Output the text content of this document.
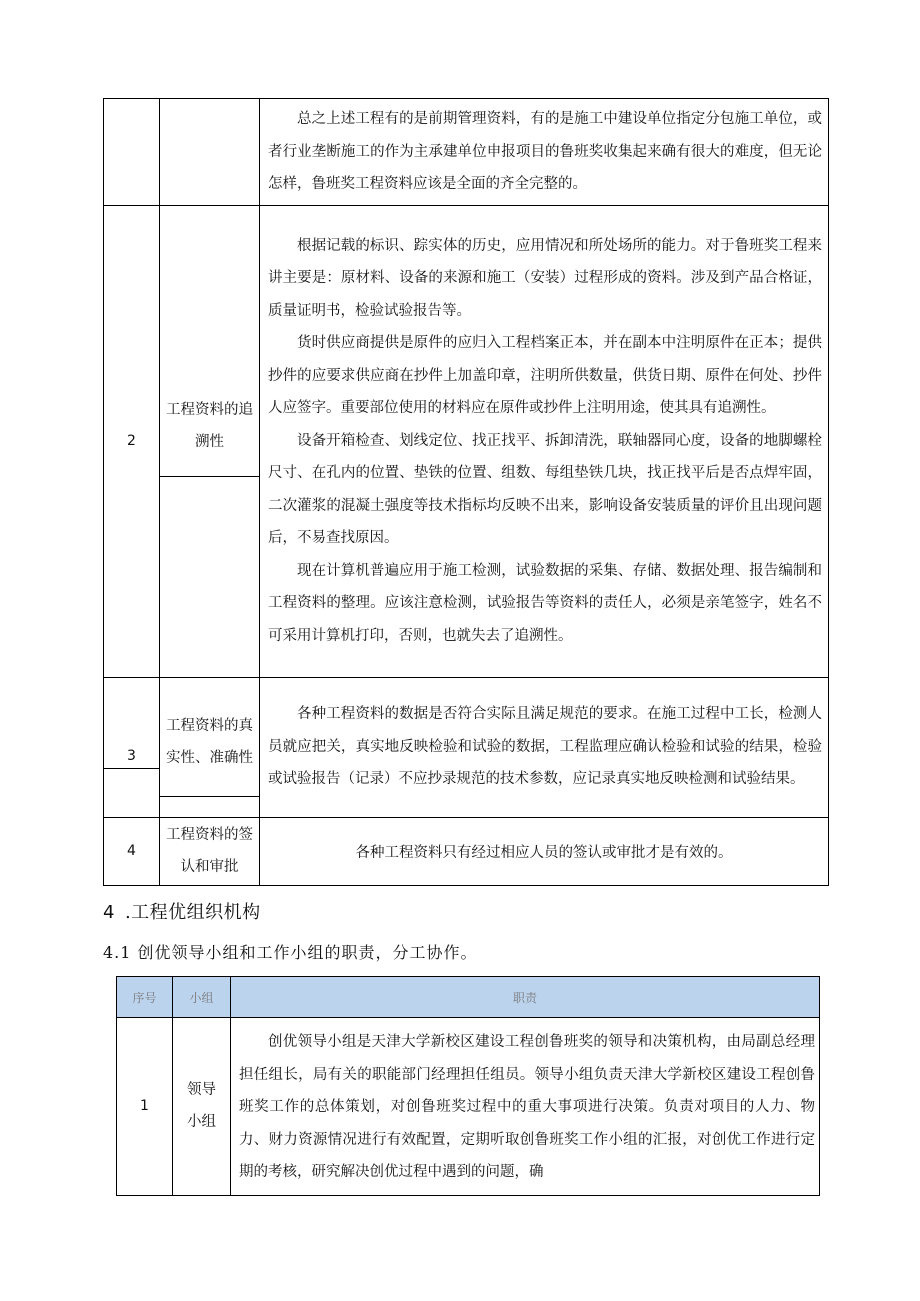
		总之上述工程有的是前期管理资料，有的是施工中建设单位指定分包施工单位，或者行业垄断施工的作为主承建单位申报项目的鲁班奖收集起来确有很大的难度，但无论怎样，鲁班奖工程资料应该是全面的齐全完整的。

2	工程资料的追溯性	根据记载的标识、踪实体的历史，应用情况和所处场所的能力。对于鲁班奖工程来讲主要是：原材料、设备的来源和施工（安装）过程形成的资料。涉及到产品合格证，质量证明书，检验试验报告等。

货时供应商提供是原件的应归入工程档案正本，并在副本中注明原件在正本；提供抄件的应要求供应商在抄件上加盖印章，注明所供数量，供货日期、原件在何处、抄件人应签字。重要部位使用的材料应在原件或抄件上注明用途，使其具有追溯性。

设备开箱检查、划线定位、找正找平、拆卸清洗，联轴器同心度，设备的地脚螺栓尺寸、在孔内的位置、垫铁的位置、组数、每组垫铁几块，找正找平后是否点焊牢固，二次灌浆的混凝土强度等技术指标均反映不出来，影响设备安装质量的评价且出现问题后，不易查找原因。

现在计算机普遍应用于施工检测，试验数据的采集、存储、数据处理、报告编制和工程资料的整理。应该注意检测，试验报告等资料的责任人，必须是亲笔签字，姓名不可采用计算机打印，否则，也就失去了追溯性。

3	工程资料的真实性、准确性	各种工程资料的数据是否符合实际且满足规范的要求。在施工过程中工长，检测人员就应把关，真实地反映检验和试验的数据，工程监理应确认检验和试验的结果，检验或试验报告（记录）不应抄录规范的技术参数，应记录真实地反映检测和试验结果。

4	工程资料的签认和审批	各种工程资料只有经过相应人员的签认或审批才是有效的。
4 .工程优组织机构
4.1 创优领导小组和工作小组的职责，分工协作。
序号	小组	职责
1	领导小组	创优领导小组是天津大学新校区建设工程创鲁班奖的领导和决策机构，由局副总经理担任组长，局有关的职能部门经理担任组员。领导小组负责天津大学新校区建设工程创鲁班奖工作的总体策划，对创鲁班奖过程中的重大事项进行决策。负责对项目的人力、物力、财力资源情况进行有效配置，定期听取创鲁班奖工作小组的汇报，对创优工作进行定期的考核，研究解决创优过程中遇到的问题，确
